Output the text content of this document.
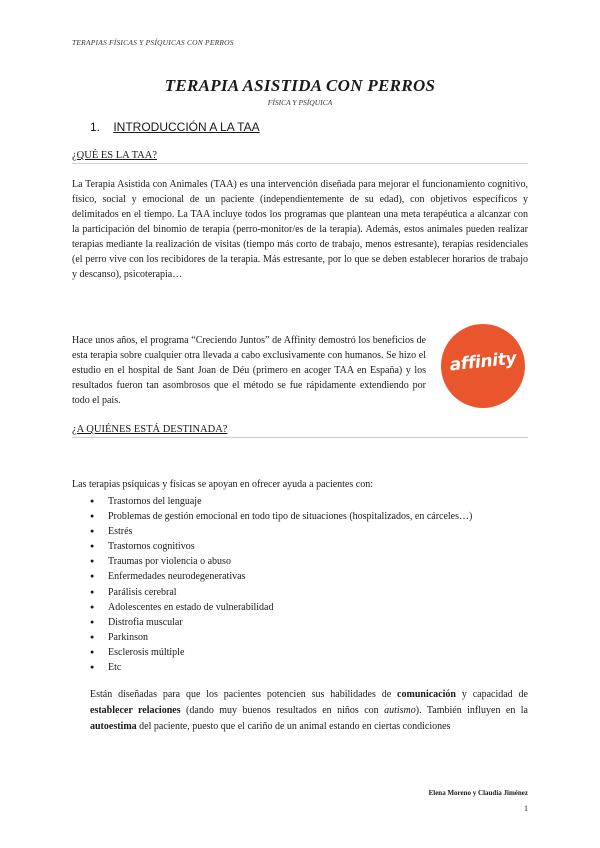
TERAPIAS FÍSICAS Y PSÍQUICAS CON PERROS
TERAPIA ASISTIDA CON PERROS
FÍSICA Y PSÍQUICA
1. INTRODUCCIÓN A LA TAA
¿QUÉ ES LA TAA?
La Terapia Asistida con Animales (TAA) es una intervención diseñada para mejorar el funcionamiento cognitivo, físico, social y emocional de un paciente (independientemente de su edad), con objetivos específicos y delimitados en el tiempo. La TAA incluye todos los programas que plantean una meta terapéutica a alcanzar con la participación del binomio de terapia (perro-monitor/es de la terapia). Además, estos animales pueden realizar terapias mediante la realización de visitas (tiempo más corto de trabajo, menos estresante), terapias residenciales (el perro vive con los recibidores de la terapia. Más estresante, por lo que se deben establecer horarios de trabajo y descanso), psicoterapia…
Hace unos años, el programa “Creciendo Juntos” de Affinity demostró los beneficios de esta terapia sobre cualquier otra llevada a cabo exclusivamente con humanos. Se hizo el estudio en el hospital de Sant Joan de Déu (primero en acoger TAA en España) y los resultados fueron tan asombrosos que el método se fue rápidamente extendiendo por todo el país.
affinity
¿A QUIÉNES ESTÁ DESTINADA?
Las terapias psíquicas y físicas se apoyan en ofrecer ayuda a pacientes con:
● Trastornos del lenguaje
● Problemas de gestión emocional en todo tipo de situaciones (hospitalizados, en cárceles…)
● Estrés
● Trastornos cognitivos
● Traumas por violencia o abuso
● Enfermedades neurodegenerativas
● Parálisis cerebral
● Adolescentes en estado de vulnerabilidad
● Distrofia muscular
● Parkinson
● Esclerosis múltiple
● Etc
Están diseñadas para que los pacientes potencien sus habilidades de comunicación y capacidad de establecer relaciones (dando muy buenos resultados en niños con autismo). También influyen en la autoestima del paciente, puesto que el cariño de un animal estando en ciertas condiciones
Elena Moreno y Claudia Jiménez
1
